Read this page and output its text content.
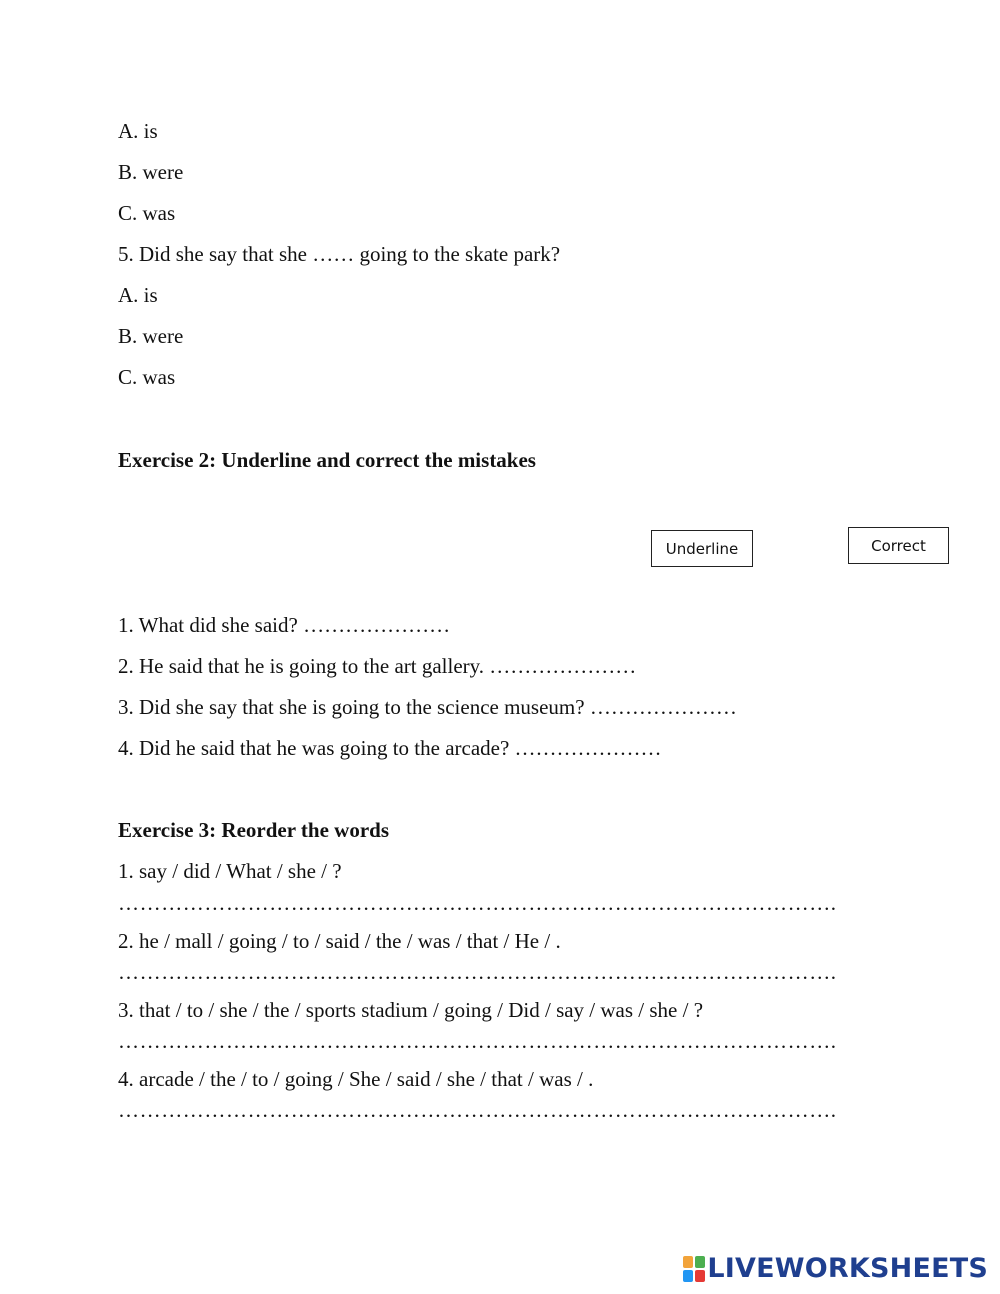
A. is
B. were
C. was
5. Did she say that she …… going to the skate park?
A. is
B. were
C. was
Exercise 2: Underline and correct the mistakes
Underline	Correct
1. What did she said? …………………
2. He said that he is going to the art gallery. …………………
3. Did she say that she is going to the science museum? …………………
4. Did he said that he was going to the arcade? …………………
Exercise 3: Reorder the words
1. say / did / What / she / ?
……………………………………………………………………………………….
2. he / mall / going / to / said / the / was / that / He / .
……………………………………………………………………………………….
3. that / to / she / the / sports stadium / going / Did / say / was / she / ?
……………………………………………………………………………………….
4. arcade / the / to / going / She / said / she / that / was / .
……………………………………………………………………………………….
LIVEWORKSHEETS
